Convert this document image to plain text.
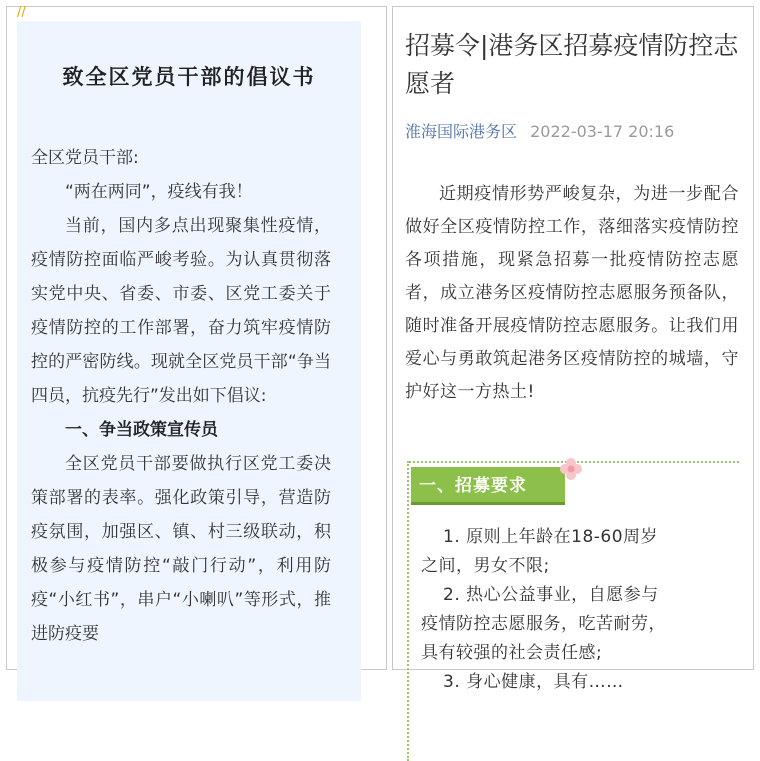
//
致全区党员干部的倡议书

全区党员干部:

“两在两同”，疫线有我！

当前，国内多点出现聚集性疫情，疫情防控面临严峻考验。为认真贯彻落实党中央、省委、市委、区党工委关于疫情防控的工作部署，奋力筑牢疫情防控的严密防线。现就全区党员干部“争当四员，抗疫先行”发出如下倡议:

一、争当政策宣传员

全区党员干部要做执行区党工委决策部署的表率。强化政策引导，营造防疫氛围，加强区、镇、村三级联动，积极参与疫情防控“敲门行动”，利用防疫“小红书”，串户“小喇叭”等形式，推进防疫要

招募令|港务区招募疫情防控志愿者
淮海国际港务区 2022-03-17 20:16
近期疫情形势严峻复杂，为进一步配合做好全区疫情防控工作，落细落实疫情防控各项措施，现紧急招募一批疫情防控志愿者，成立港务区疫情防控志愿服务预备队，随时准备开展疫情防控志愿服务。让我们用爱心与勇敢筑起港务区疫情防控的城墙，守护好这一方热土!
一、招募要求

1. 原则上年龄在18-60周岁

之间，男女不限;

2. 热心公益事业，自愿参与

疫情防控志愿服务，吃苦耐劳，

具有较强的社会责任感;

3. 身心健康，具有……
